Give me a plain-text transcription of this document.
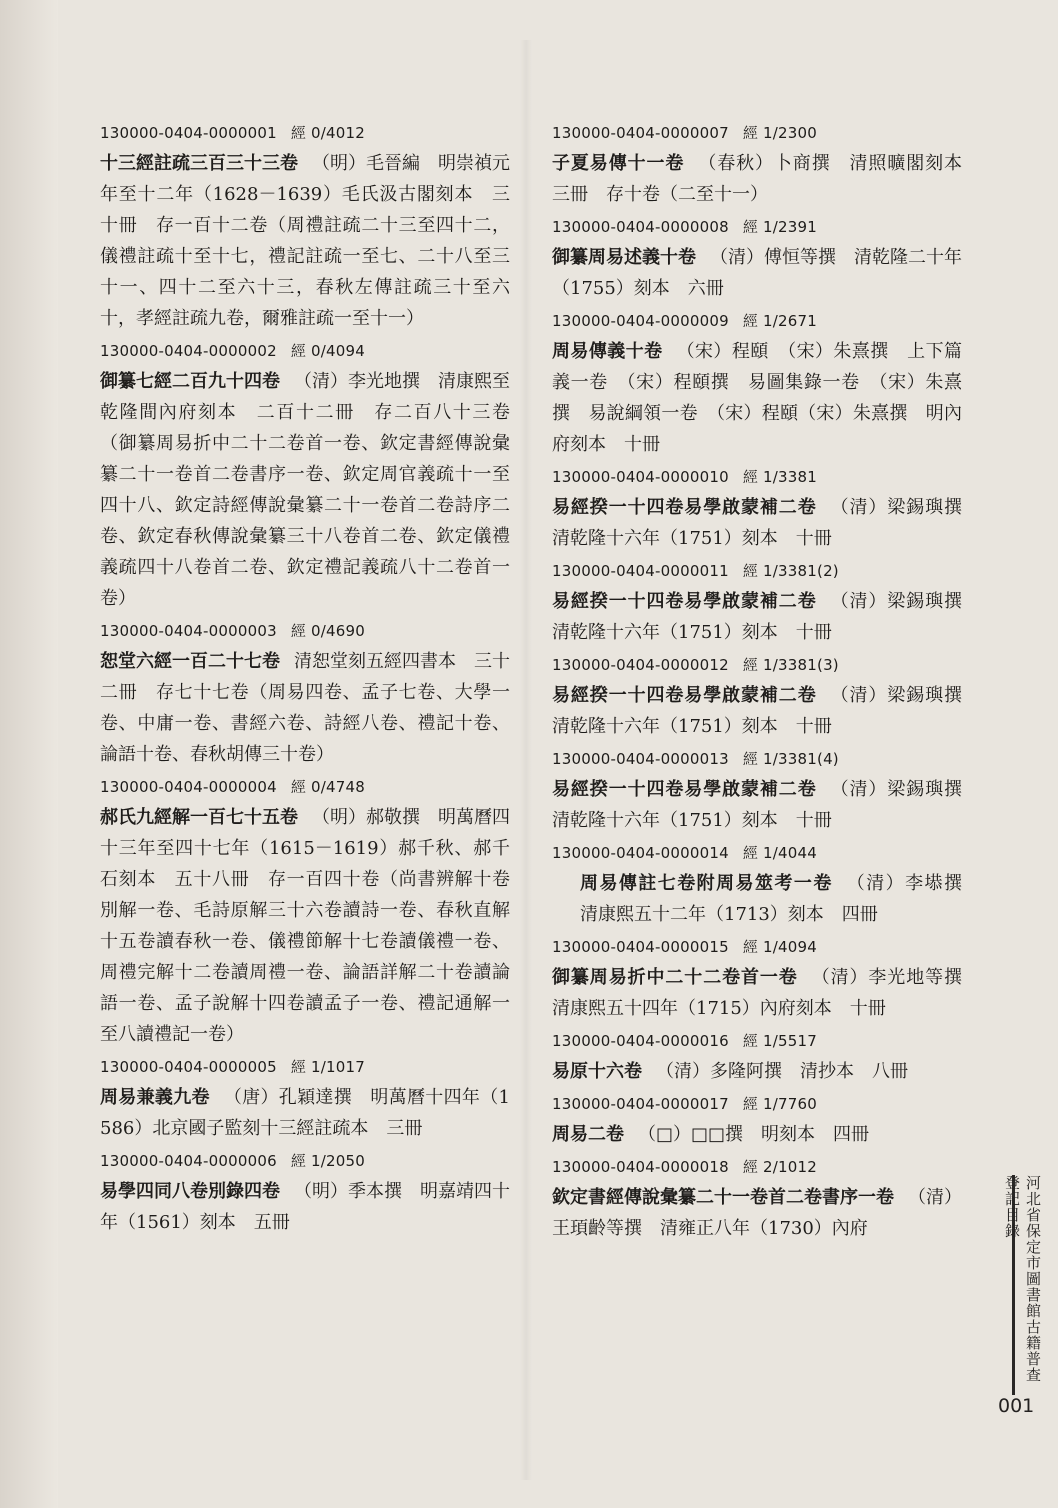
130000-0404-0000001 經 0/4012
十三經註疏三百三十三卷 （明）毛晉編　明崇禎元年至十二年（1628－1639）毛氏汲古閣刻本　三十冊　存一百十二卷（周禮註疏二十三至四十二，儀禮註疏十至十七，禮記註疏一至七、二十八至三十一、四十二至六十三，春秋左傳註疏三十至六十，孝經註疏九卷，爾雅註疏一至十一）
130000-0404-0000002 經 0/4094
御纂七經二百九十四卷 （清）李光地撰　清康熙至乾隆間內府刻本　二百十二冊　存二百八十三卷（御纂周易折中二十二卷首一卷、欽定書經傳說彙纂二十一卷首二卷書序一卷、欽定周官義疏十一至四十八、欽定詩經傳說彙纂二十一卷首二卷詩序二卷、欽定春秋傳說彙纂三十八卷首二卷、欽定儀禮義疏四十八卷首二卷、欽定禮記義疏八十二卷首一卷）
130000-0404-0000003 經 0/4690
恕堂六經一百二十七卷 清恕堂刻五經四書本　三十二冊　存七十七卷（周易四卷、孟子七卷、大學一卷、中庸一卷、書經六卷、詩經八卷、禮記十卷、論語十卷、春秋胡傳三十卷）
130000-0404-0000004 經 0/4748
郝氏九經解一百七十五卷 （明）郝敬撰　明萬曆四十三年至四十七年（1615－1619）郝千秋、郝千石刻本　五十八冊　存一百四十卷（尚書辨解十卷別解一卷、毛詩原解三十六卷讀詩一卷、春秋直解十五卷讀春秋一卷、儀禮節解十七卷讀儀禮一卷、周禮完解十二卷讀周禮一卷、論語詳解二十卷讀論語一卷、孟子說解十四卷讀孟子一卷、禮記通解一至八讀禮記一卷）
130000-0404-0000005 經 1/1017
周易兼義九卷 （唐）孔穎達撰　明萬曆十四年（1586）北京國子監刻十三經註疏本　三冊
130000-0404-0000006 經 1/2050
易學四同八卷別錄四卷 （明）季本撰　明嘉靖四十年（1561）刻本　五冊
130000-0404-0000007 經 1/2300
子夏易傳十一卷 （春秋）卜商撰　清照曠閣刻本　三冊　存十卷（二至十一）
130000-0404-0000008 經 1/2391
御纂周易述義十卷 （清）傅恒等撰　清乾隆二十年（1755）刻本　六冊
130000-0404-0000009 經 1/2671
周易傳義十卷 （宋）程頤　（宋）朱熹撰　上下篇義一卷　（宋）程頤撰　易圖集錄一卷　（宋）朱熹撰　易說綱領一卷　（宋）程頤（宋）朱熹撰　明內府刻本　十冊
130000-0404-0000010 經 1/3381
易經揆一十四卷易學啟蒙補二卷 （清）梁錫璵撰　清乾隆十六年（1751）刻本　十冊
130000-0404-0000011 經 1/3381(2)
易經揆一十四卷易學啟蒙補二卷 （清）梁錫璵撰　清乾隆十六年（1751）刻本　十冊
130000-0404-0000012 經 1/3381(3)
易經揆一十四卷易學啟蒙補二卷 （清）梁錫璵撰　清乾隆十六年（1751）刻本　十冊
130000-0404-0000013 經 1/3381(4)
易經揆一十四卷易學啟蒙補二卷 （清）梁錫璵撰　清乾隆十六年（1751）刻本　十冊
130000-0404-0000014 經 1/4044
周易傳註七卷附周易筮考一卷 （清）李塨撰　清康熙五十二年（1713）刻本　四冊
130000-0404-0000015 經 1/4094
御纂周易折中二十二卷首一卷 （清）李光地等撰　清康熙五十四年（1715）內府刻本　十冊
130000-0404-0000016 經 1/5517
易原十六卷 （清）多隆阿撰　清抄本　八冊
130000-0404-0000017 經 1/7760
周易二卷 （□）□□撰　明刻本　四冊
130000-0404-0000018 經 2/1012
欽定書經傳說彙纂二十一卷首二卷書序一卷 （清）王頊齡等撰　清雍正八年（1730）內府	河北省保定市圖書館古籍普查登記目錄
001
